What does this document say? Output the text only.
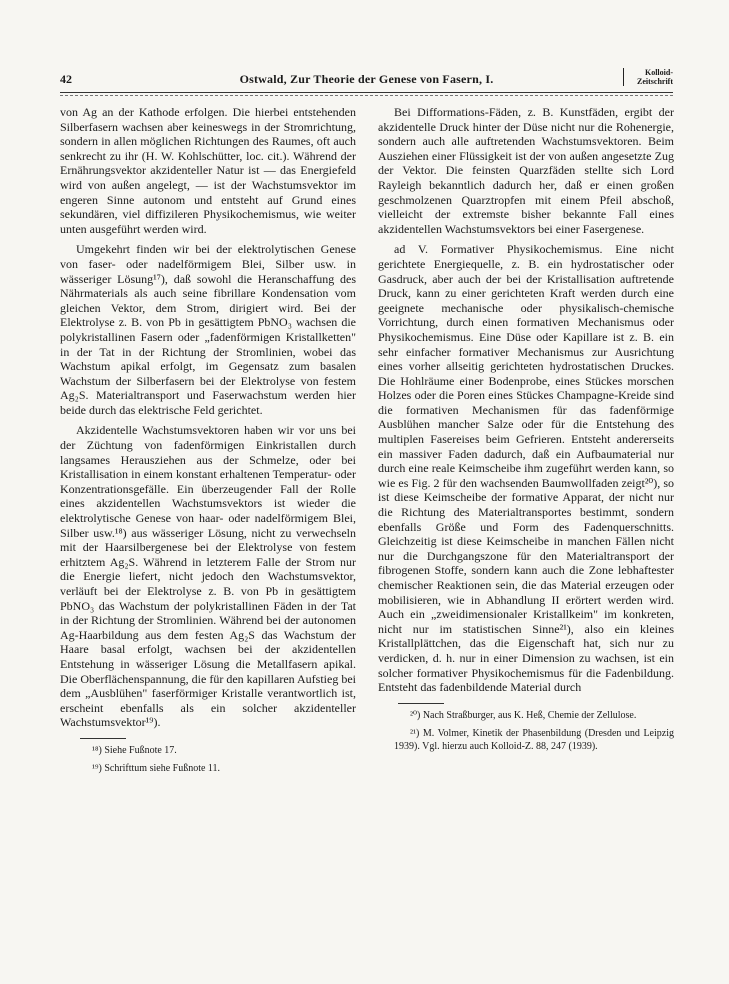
42	Ostwald, Zur Theorie der Genese von Fasern, I.	Kolloid-
Zeitschrift

von Ag an der Kathode erfolgen. Die hierbei entstehenden Silberfasern wachsen aber keineswegs in der Stromrichtung, sondern in allen möglichen Richtungen des Raumes, oft auch senkrecht zu ihr (H. W. Kohlschütter, loc. cit.). Während der Ernährungsvektor akzidenteller Natur ist — das Energiefeld wird von außen angelegt, — ist der Wachstumsvektor im engeren Sinne autonom und entsteht auf Grund eines sekundären, viel diffizileren Physikochemismus, wie weiter unten ausgeführt werden wird.

Umgekehrt finden wir bei der elektrolytischen Genese von faser- oder nadelförmigem Blei, Silber usw. in wässeriger Lösung¹⁷), daß sowohl die Heranschaffung des Nährmaterials als auch seine fibrillare Kondensation vom gleichen Vektor, dem Strom, dirigiert wird. Bei der Elektrolyse z. B. von Pb in gesättigtem PbNO₃ wachsen die polykristallinen Fasern oder „fadenförmigen Kristallketten" in der Tat in der Richtung der Stromlinien, wobei das Wachstum apikal erfolgt, im Gegensatz zum basalen Wachstum der Silberfasern bei der Elektrolyse von festem Ag₂S. Materialtransport und Faserwachstum werden hier beide durch das elektrische Feld gerichtet.

Akzidentelle Wachstumsvektoren haben wir vor uns bei der Züchtung von fadenförmigen Einkristallen durch langsames Herausziehen aus der Schmelze, oder bei Kristallisation in einem konstant erhaltenen Temperatur- oder Konzentrationsgefälle. Ein überzeugender Fall der Rolle eines akzidentellen Wachstumsvektors ist wieder die elektrolytische Genese von haar- oder nadelförmigem Blei, Silber usw.¹⁸) aus wässeriger Lösung, nicht zu verwechseln mit der Haarsilbergenese bei der Elektrolyse von festem erhitztem Ag₂S. Während in letzterem Falle der Strom nur die Energie liefert, nicht jedoch den Wachstumsvektor, verläuft bei der Elektrolyse z. B. von Pb in gesättigtem PbNO₃ das Wachstum der polykristallinen Fäden in der Tat in der Richtung der Stromlinien. Während bei der autonomen Ag-Haarbildung aus dem festen Ag₂S das Wachstum der Haare basal erfolgt, wachsen bei der akzidentellen Entstehung in wässeriger Lösung die Metallfasern apikal. Die Oberflächenspannung, die für den kapillaren Aufstieg bei dem „Ausblühen" faserförmiger Kristalle verantwortlich ist, erscheint ebenfalls als ein solcher akzidenteller Wachstumsvektor¹⁹).

¹⁸) Siehe Fußnote 17.

¹⁹) Schrifttum siehe Fußnote 11.

Bei Difformations-Fäden, z. B. Kunstfäden, ergibt der akzidentelle Druck hinter der Düse nicht nur die Rohenergie, sondern auch alle auftretenden Wachstumsvektoren. Beim Ausziehen einer Flüssigkeit ist der von außen angesetzte Zug der Vektor. Die feinsten Quarzfäden stellte sich Lord Rayleigh bekanntlich dadurch her, daß er einen großen geschmolzenen Quarztropfen mit einem Pfeil abschoß, vielleicht der extremste bisher bekannte Fall eines akzidentellen Wachstumsvektors bei einer Fasergenese.

ad V. Formativer Physikochemismus. Eine nicht gerichtete Energiequelle, z. B. ein hydrostatischer oder Gasdruck, aber auch der bei der Kristallisation auftretende Druck, kann zu einer gerichteten Kraft werden durch eine geeignete mechanische oder physikalisch-chemische Vorrichtung, durch einen formativen Mechanismus oder Physikochemismus. Eine Düse oder Kapillare ist z. B. ein sehr einfacher formativer Mechanismus zur Ausrichtung eines vorher allseitig gerichteten hydrostatischen Druckes. Die Hohlräume einer Bodenprobe, eines Stückes morschen Holzes oder die Poren eines Stückes Champagne-Kreide sind die formativen Mechanismen für das fadenförmige Ausblühen mancher Salze oder für die Entstehung des multiplen Fasereises beim Gefrieren. Entsteht andererseits ein massiver Faden dadurch, daß ein Aufbaumaterial nur durch eine reale Keimscheibe ihm zugeführt werden kann, so wie es Fig. 2 für den wachsenden Baumwollfaden zeigt²⁰), so ist diese Keimscheibe der formative Apparat, der nicht nur die Richtung des Materialtransportes bestimmt, sondern ebenfalls Größe und Form des Fadenquerschnitts. Gleichzeitig ist diese Keimscheibe in manchen Fällen nicht nur die Durchgangszone für den Materialtransport der fibrogenen Stoffe, sondern kann auch die Zone lebhaftester chemischer Reaktionen sein, die das Material erzeugen oder mobilisieren, wie in Abhandlung II erörtert werden wird. Auch ein „zweidimensionaler Kristallkeim" im konkreten, nicht nur im statistischen Sinne²¹), also ein kleines Kristallplättchen, das die Eigenschaft hat, sich nur zu verdicken, d. h. nur in einer Dimension zu wachsen, ist ein solcher formativer Physikochemismus für die Fadenbildung. Entsteht das fadenbildende Material durch

²⁰) Nach Straßburger, aus K. Heß, Chemie der Zellulose.

²¹) M. Volmer, Kinetik der Phasenbildung (Dresden und Leipzig 1939). Vgl. hierzu auch Kolloid-Z. 88, 247 (1939).
